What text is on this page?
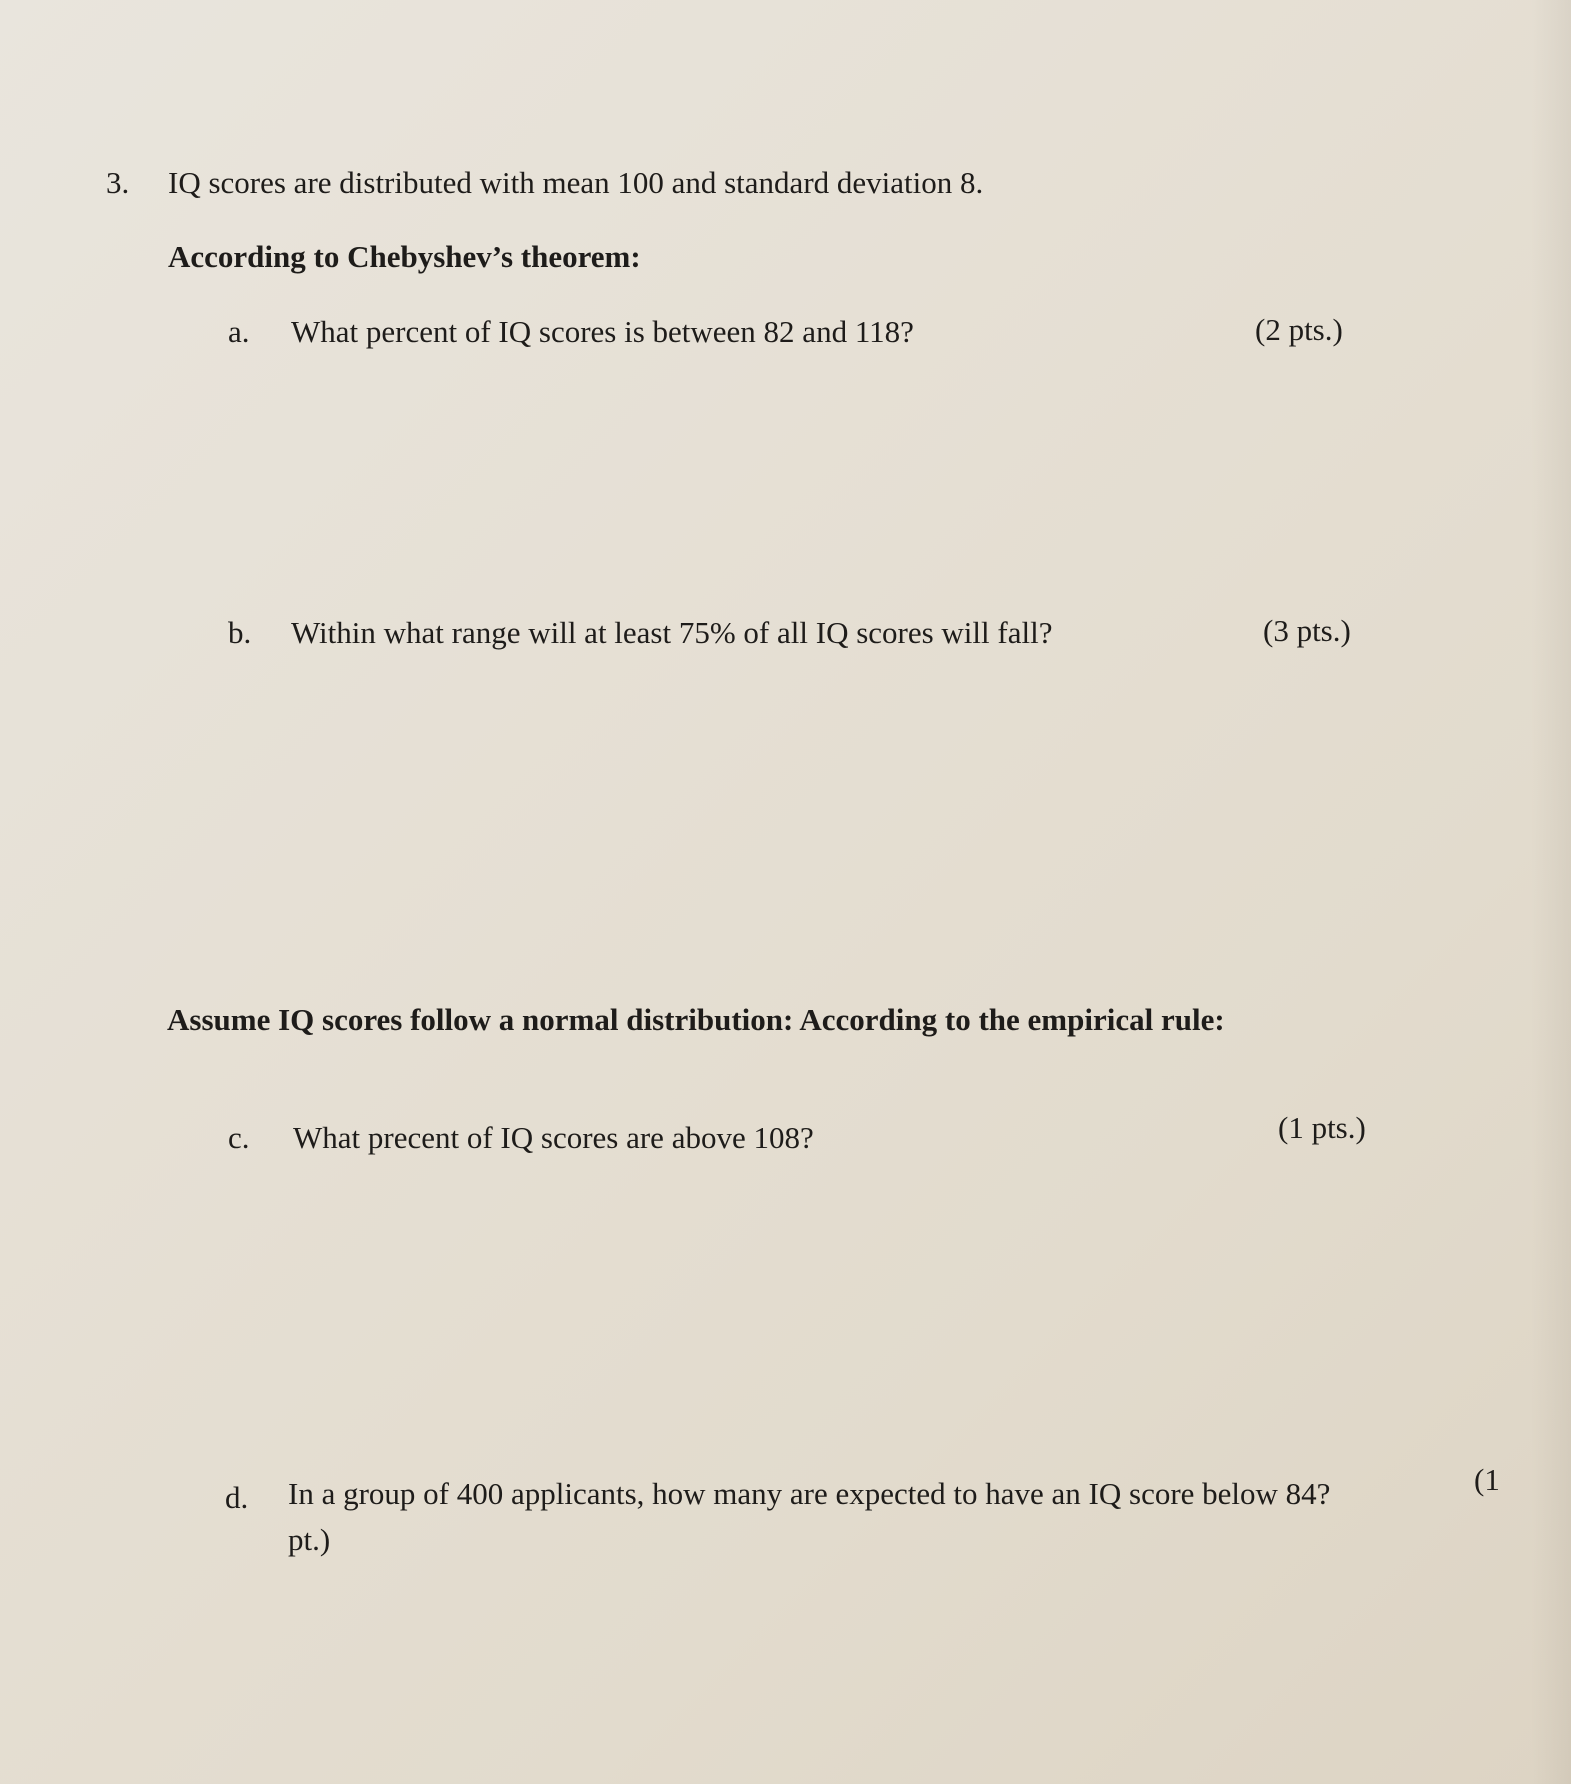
3. IQ scores are distributed with mean 100 and standard deviation 8.
According to Chebyshev’s theorem:
a. What percent of IQ scores is between 82 and 118?	(2 pts.)
b. Within what range will at least 75% of all IQ scores will fall?	(3 pts.)
Assume IQ scores follow a normal distribution: According to the empirical rule:
c. What precent of IQ scores are above 108?	(1 pts.)
d. In a group of 400 applicants, how many are expected to have an IQ score below 84?	(1
pt.)
